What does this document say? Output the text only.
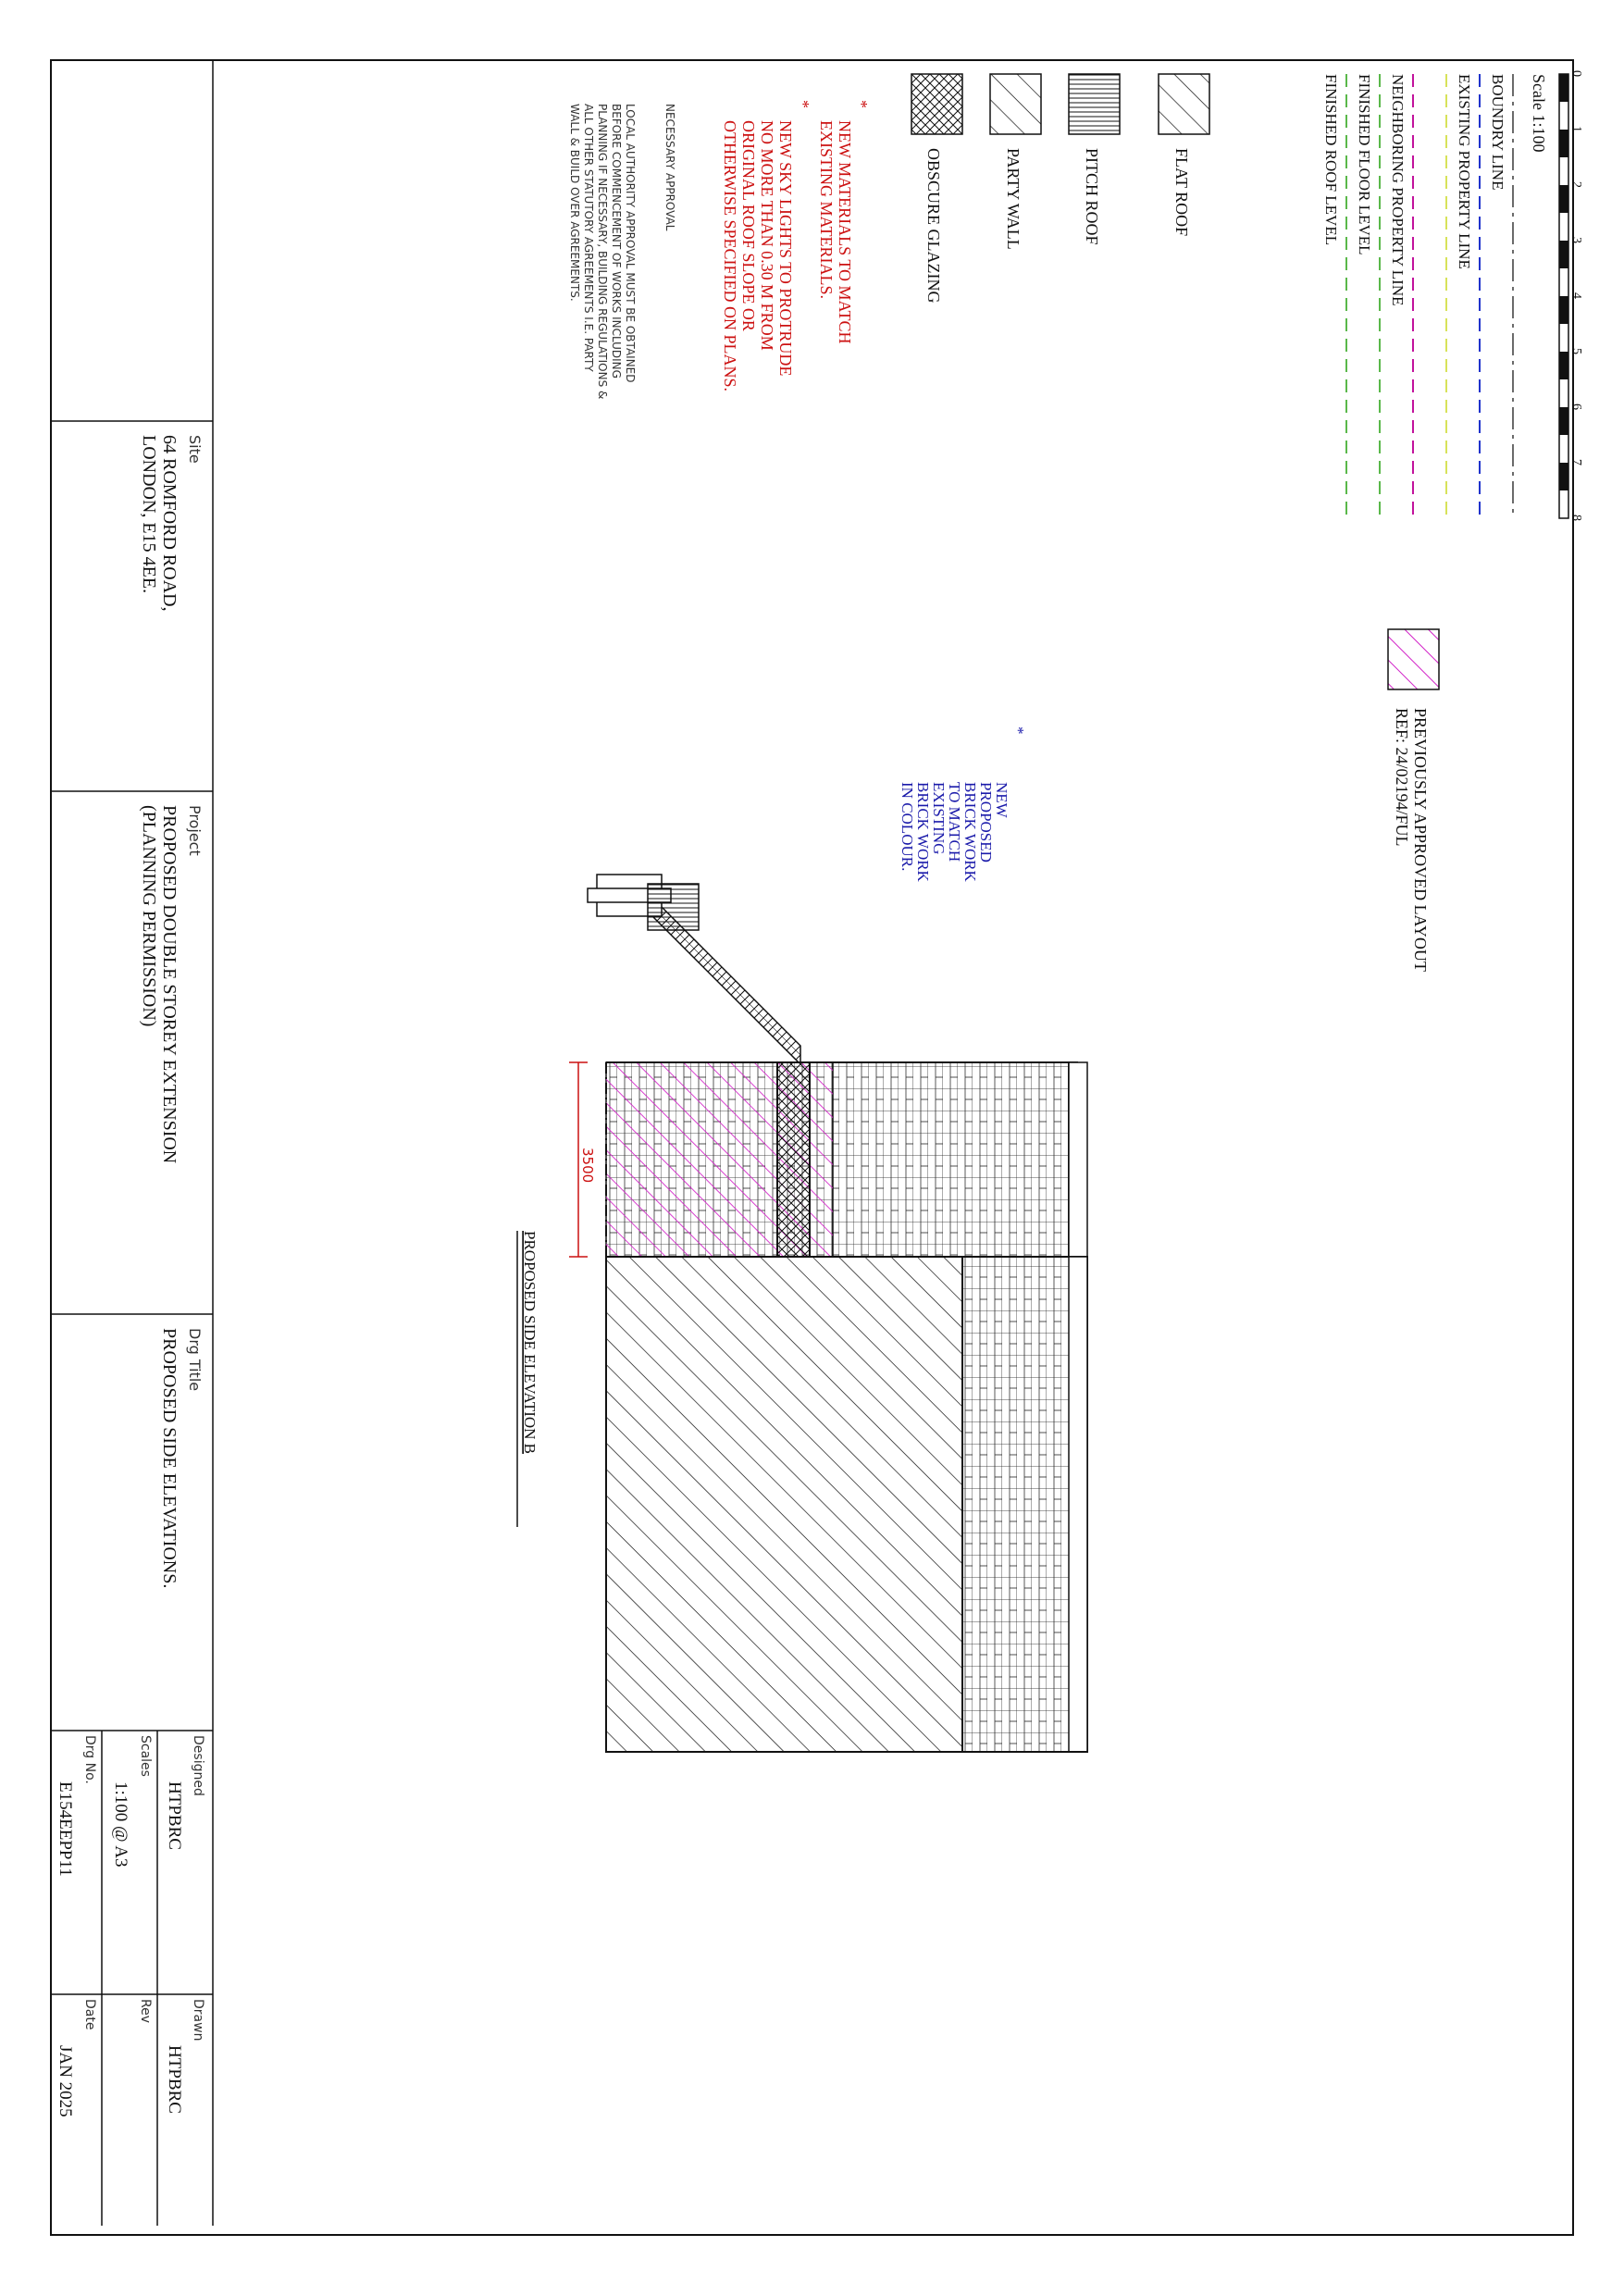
0
1
2
3
4
5
6
7
8
Scale 1:100
BOUNDRY LINE
EXISTING PROPERTY LINE
NEIGHBORING PROPERTY LINE
FINISHED FLOOR LEVEL
FINISHED ROOF LEVEL
FLAT ROOF
PITCH ROOF
PARTY WALL
OBSCURE GLAZING
*
NEW MATERIALS TO MATCH
EXISTING MATERIALS.
*
NEW SKY LIGHTS TO PROTRUDE
NO MORE THAN 0.30 M FROM
ORIGINAL ROOF SLOPE OR
OTHERWISE SPECIFIED ON PLANS.
NECESSARY APPROVAL
LOCAL AUTHORITY APPROVAL MUST BE OBTAINED
BEFORE COMMENCEMENT OF WORKS INCLUDING
PLANNING IF NECESSARY, BUILDING REGULATIONS &
ALL OTHER STATUTORY AGREEMENTS I.E. PARTY
WALL & BUILD OVER AGREEMENTS.
PREVIOUSLY APPROVED LAYOUT
REF: 24/02194/FUL
*
NEW
PROPOSED
BRICK WORK
TO MATCH
EXISTING
BRICK WORK
IN COLOUR.
3500
PROPOSED SIDE ELEVATION B
Site
64 ROMFORD ROAD,
LONDON, E15 4EE.
Project
PROPOSED DOUBLE STOREY EXTENSION
(PLANNING PERMISSION)
Drg Title
PROPOSED SIDE ELEVATIONS.
Designed
HTPBRC
Drawn
HTPBRC
Scales
1:100 @ A3
Rev
Drg No.
E154EEPP11
Date
JAN 2025
